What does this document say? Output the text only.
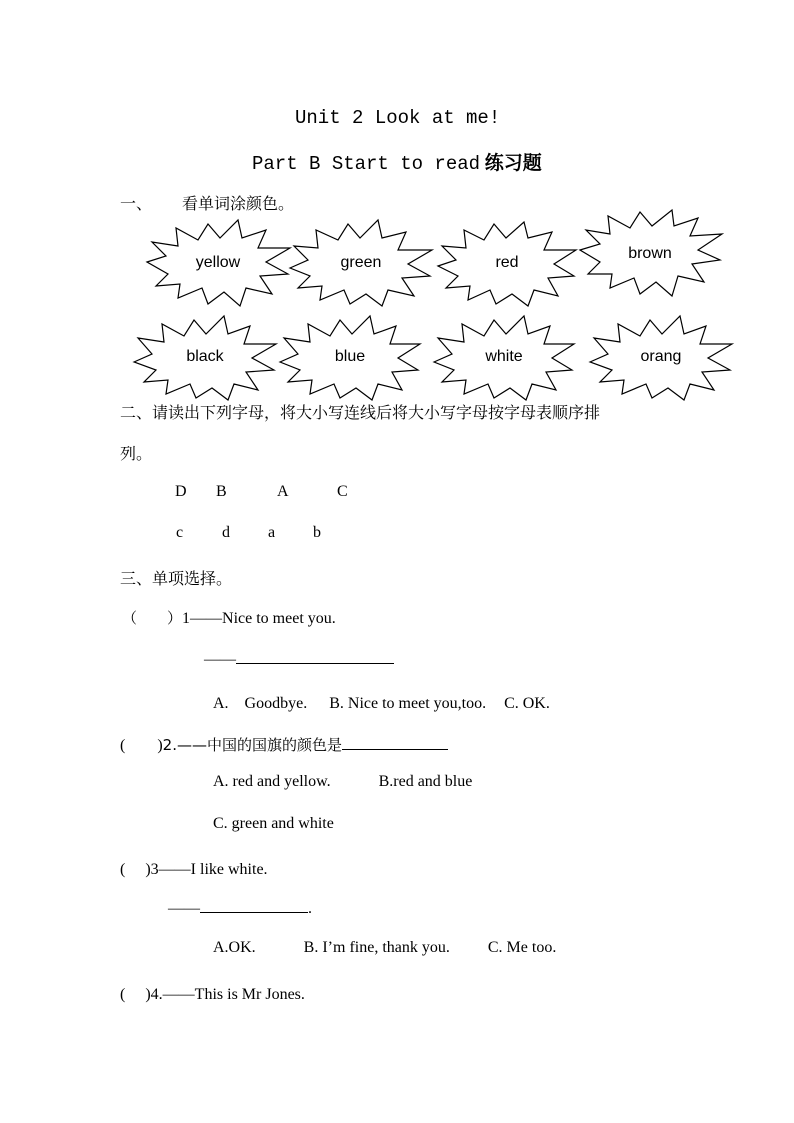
Unit 2 Look at me!
Part B Start to read 练习题
一、 看单词涂颜色。
yellow	green	red
brown
black	blue	white	orang
二、请读出下列字母，将大小写连线后将大小写字母按字母表顺序排
列。
D B	A	C
c d a b
三、单项选择。
（　　）1——Nice to meet you.
——
A.　Goodbye. B. Nice to meet you,too. C. OK.
(　　)2.——中国的国旗的颜色是
A. red and yellow.	B.red and blue
C. green and white
(　 )3——I like white.
——	.
A.OK.	B. I’m fine, thank you. C. Me too.
(　 )4.——This is Mr Jones.
